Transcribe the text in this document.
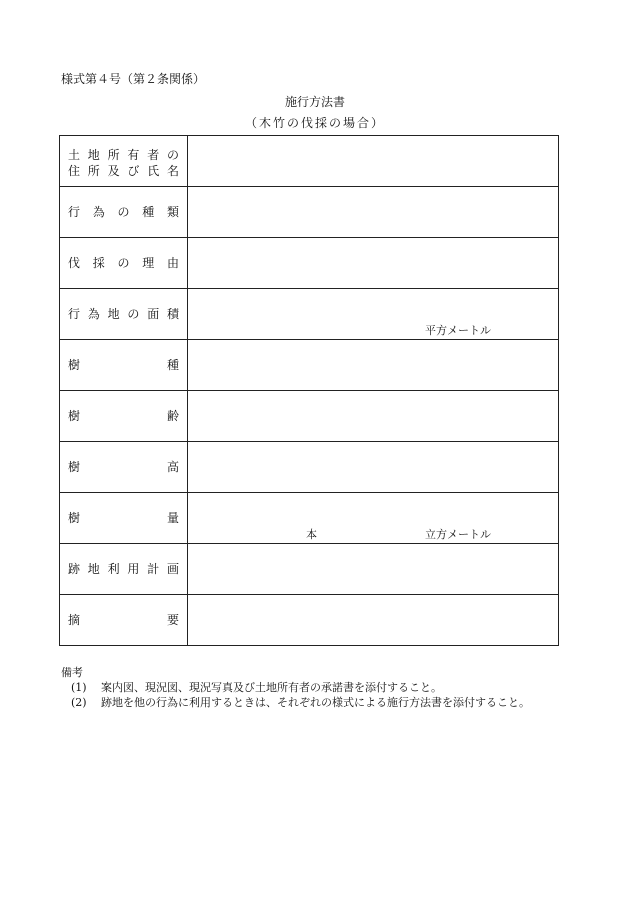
様式第４号（第２条関係）
施行方法書
（木竹の伐採の場合）
土地所有者の
住所及び氏名	

行為の種類	

伐採の理由	

行為地の面積	平方メートル

樹種	

樹齢	

樹高	

樹量	本 立方メートル

跡地利用計画	

摘要	

備考
(1) 案内図、現況図、現況写真及び土地所有者の承諾書を添付すること。
(2) 跡地を他の行為に利用するときは、それぞれの様式による施行方法書を添付すること。
